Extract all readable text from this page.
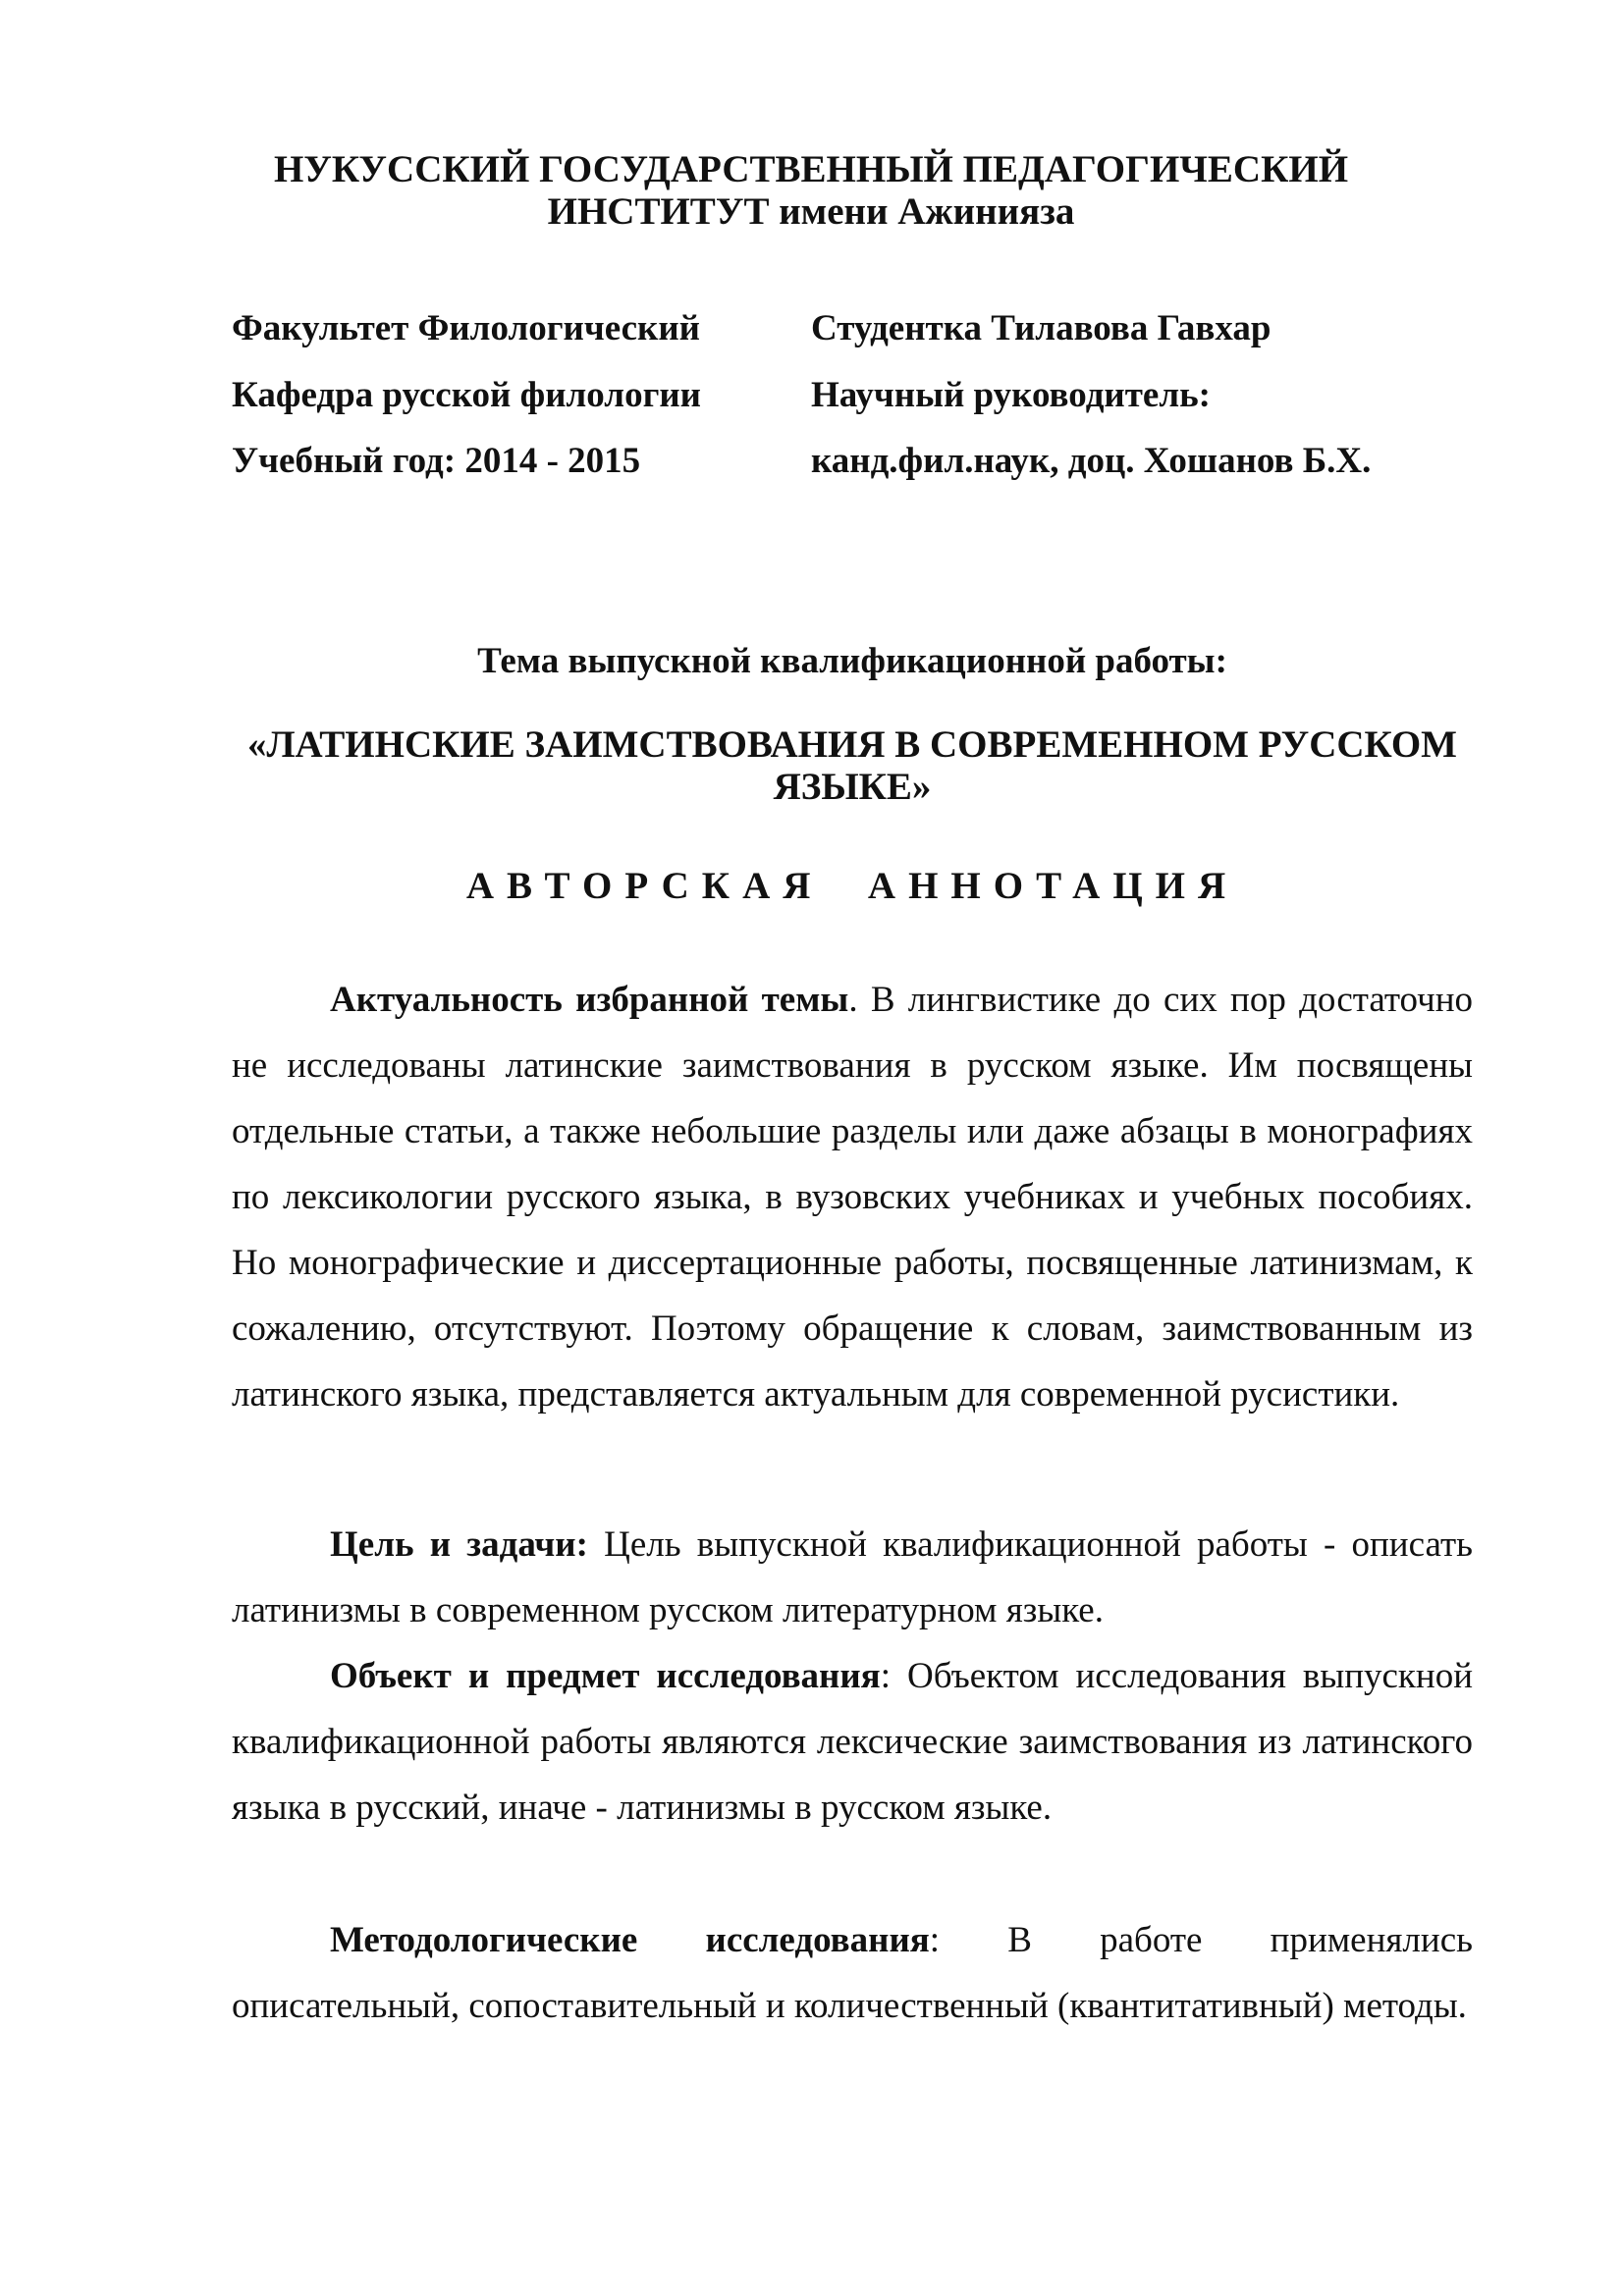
НУКУССКИЙ ГОСУДАРСТВЕННЫЙ ПЕДАГОГИЧЕСКИЙ
ИНСТИТУТ имени Ажинияза
Факультет Филологический	Студентка Тилавова Гавхар
Кафедра русской филологии	Научный руководитель:
Учебный год: 2014 - 2015	канд.фил.наук, доц. Хошанов Б.Х.
Тема выпускной квалификационной работы:
«ЛАТИНСКИЕ ЗАИМСТВОВАНИЯ В СОВРЕМЕННОМ РУССКОМ
ЯЗЫКЕ»
АВТОРСКАЯ  АННОТАЦИЯ

Актуальность избранной темы. В лингвистике до сих пор достаточно не исследованы латинские заимствования в русском языке. Им посвящены отдельные статьи, а также небольшие разделы или даже абзацы в монографиях по лексикологии русского языка, в вузовских учебниках и учебных пособиях. Но монографические и диссертационные работы, посвященные латинизмам, к сожалению, отсутствуют. Поэтому обращение к словам, заимствованным из латинского языка, представляется актуальным для современной русистики.

Цель и задачи: Цель выпускной квалификационной работы - описать латинизмы в современном русском литературном языке.

Объект и предмет исследования: Объектом исследования выпускной квалификационной работы являются лексические заимствования из латинского языка в русский, иначе - латинизмы в русском языке.

Методологические исследования: В работе применялись описательный, сопоставительный и количественный (квантитативный) методы.
